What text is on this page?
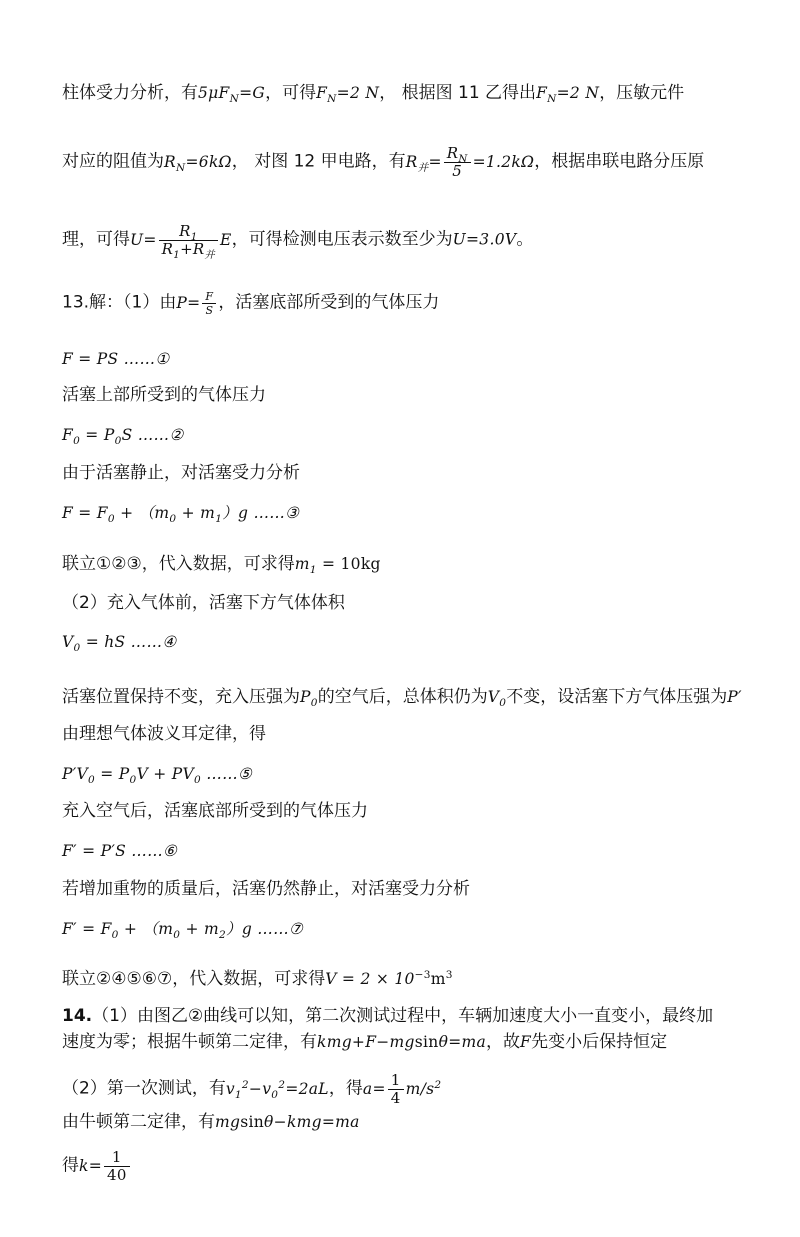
柱体受力分析，有$5\mu F_N=G$，可得$F_N=2$ N， 根据图 11 乙得出$F_N=2$ N，压敏元件
对应的阻值为$R_N=6k\Omega$， 对图 12 甲电路，有$R_并= \frac{R_N}{5} =1.2k\Omega$，根据串联电路分压原
理，可得U=	$R_1$
$R_1+R_并$
E，可得检测电压表示数至少为U=3.0V。
13.解：（1）由$P= \frac{F}{S}$ ，活塞底部所受到的气体压力
F = PS ……①
活塞上部所受到的气体压力
$F_0 = P_0S$ ……②
由于活塞静止，对活塞受力分析
$F = F_0 + (m_0 + m_1)g$ ……③
联立①②③，代入数据，可求得$m_1 = 10kg$
（2）充入气体前，活塞下方气体体积
$V_0$ = hS ……④
活塞位置保持不变，充入压强为$P_0$的空气后，总体积仍为$V_0$不变，设活塞下方气体压强为P′
由理想气体波义耳定律，得
$P'V_0 = P_0V + PV_0$ ……⑤
充入空气后，活塞底部所受到的气体压力
F′ = P′S ……⑥
若增加重物的质量后，活塞仍然静止，对活塞受力分析
$F' = F_0 + (m_0 + m_2)g$ ……⑦
联立②④⑤⑥⑦，代入数据，可求得$V = 2 \times 10^{-3}m^3$
14.（1）由图乙②曲线可以知，第二次测试过程中，车辆加速度大小一直变小，最终加
速度为零；根据牛顿第二定律，有kmg+F−mgsinθ=ma，故F先变小后保持恒定
（2）第一次测试，有$v_1^2-v_0^2=2aL$，得$a= \frac{1}{4} m/s^2$
由牛顿第二定律，有mgsinθ−kmg=ma
得$k= \frac{1}{40}$
